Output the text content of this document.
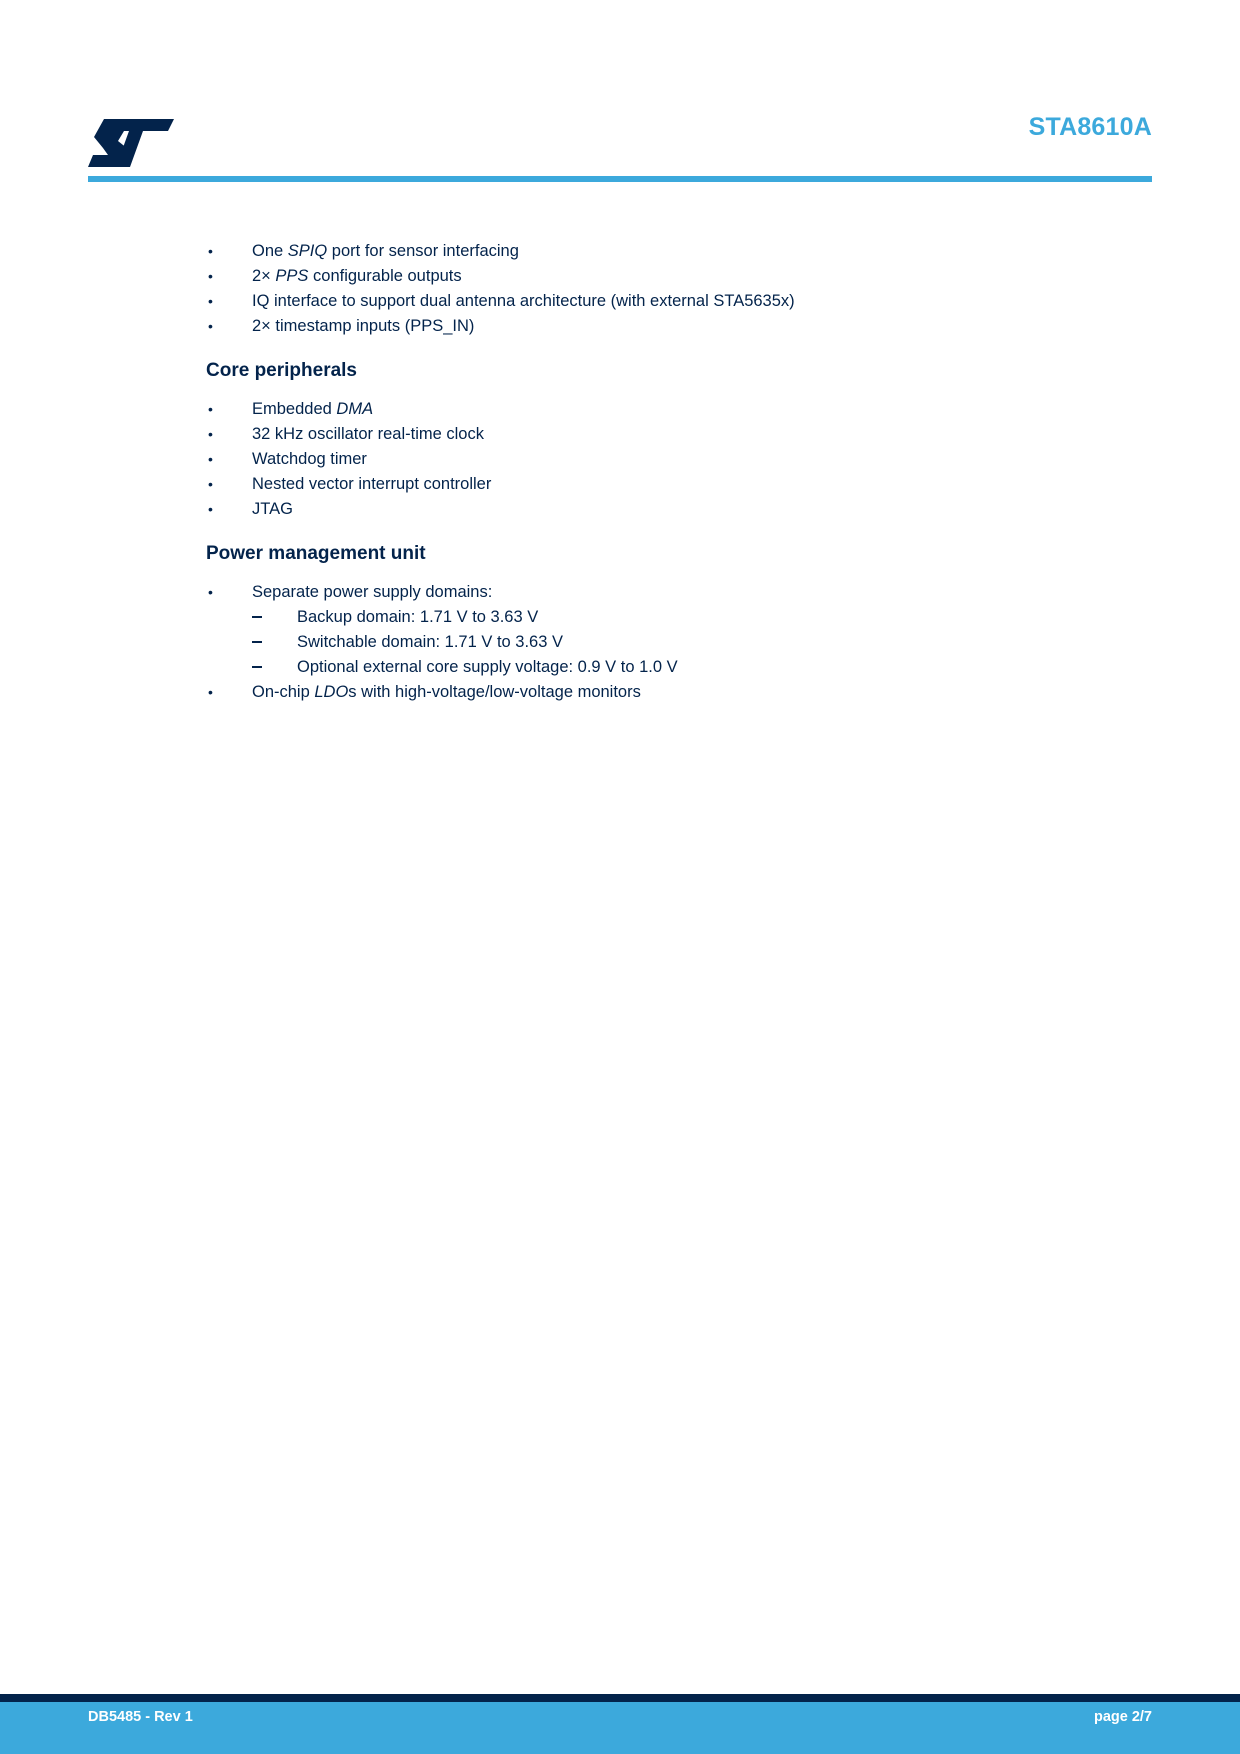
STA8610A
• One SPIQ port for sensor interfacing
• 2× PPS configurable outputs
• IQ interface to support dual antenna architecture (with external STA5635x)
• 2× timestamp inputs (PPS_IN)
Core peripherals
• Embedded DMA
• 32 kHz oscillator real-time clock
• Watchdog timer
• Nested vector interrupt controller
• JTAG
Power management unit
• Separate power supply domains:
Backup domain: 1.71 V to 3.63 V
Switchable domain: 1.71 V to 3.63 V
Optional external core supply voltage: 0.9 V to 1.0 V
• On-chip LDOs with high-voltage/low-voltage monitors
DB5485 - Rev 1	page 2/7
